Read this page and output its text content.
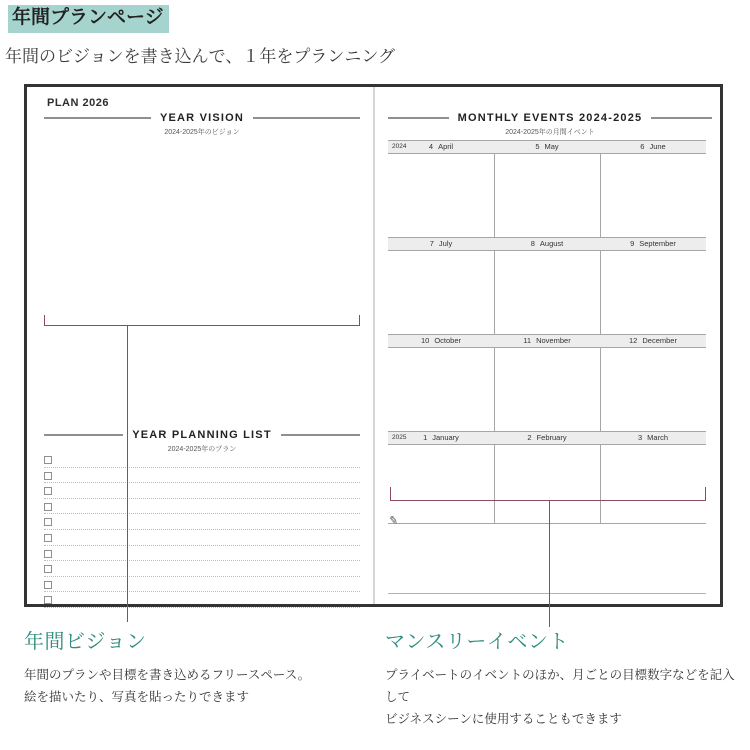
年間プランページ
年間のビジョンを書き込んで、１年をプランニング
PLAN 2026
YEAR VISION
2024-2025年のビジョン
YEAR PLANNING LIST
2024-2025年のプラン
MONTHLY EVENTS 2024-2025
2024-2025年の月間イベント
2024	4 April	5 May	6 June
7 July	8 August	9 September
10 October	11 November	12 December
2025 1 January	2 February	3 March
✎
年間ビジョン
年間のプランや目標を書き込めるフリースペース。
絵を描いたり、写真を貼ったりできます
マンスリーイベント
プライベートのイベントのほか、月ごとの目標数字などを記入して
ビジネスシーンに使用することもできます
